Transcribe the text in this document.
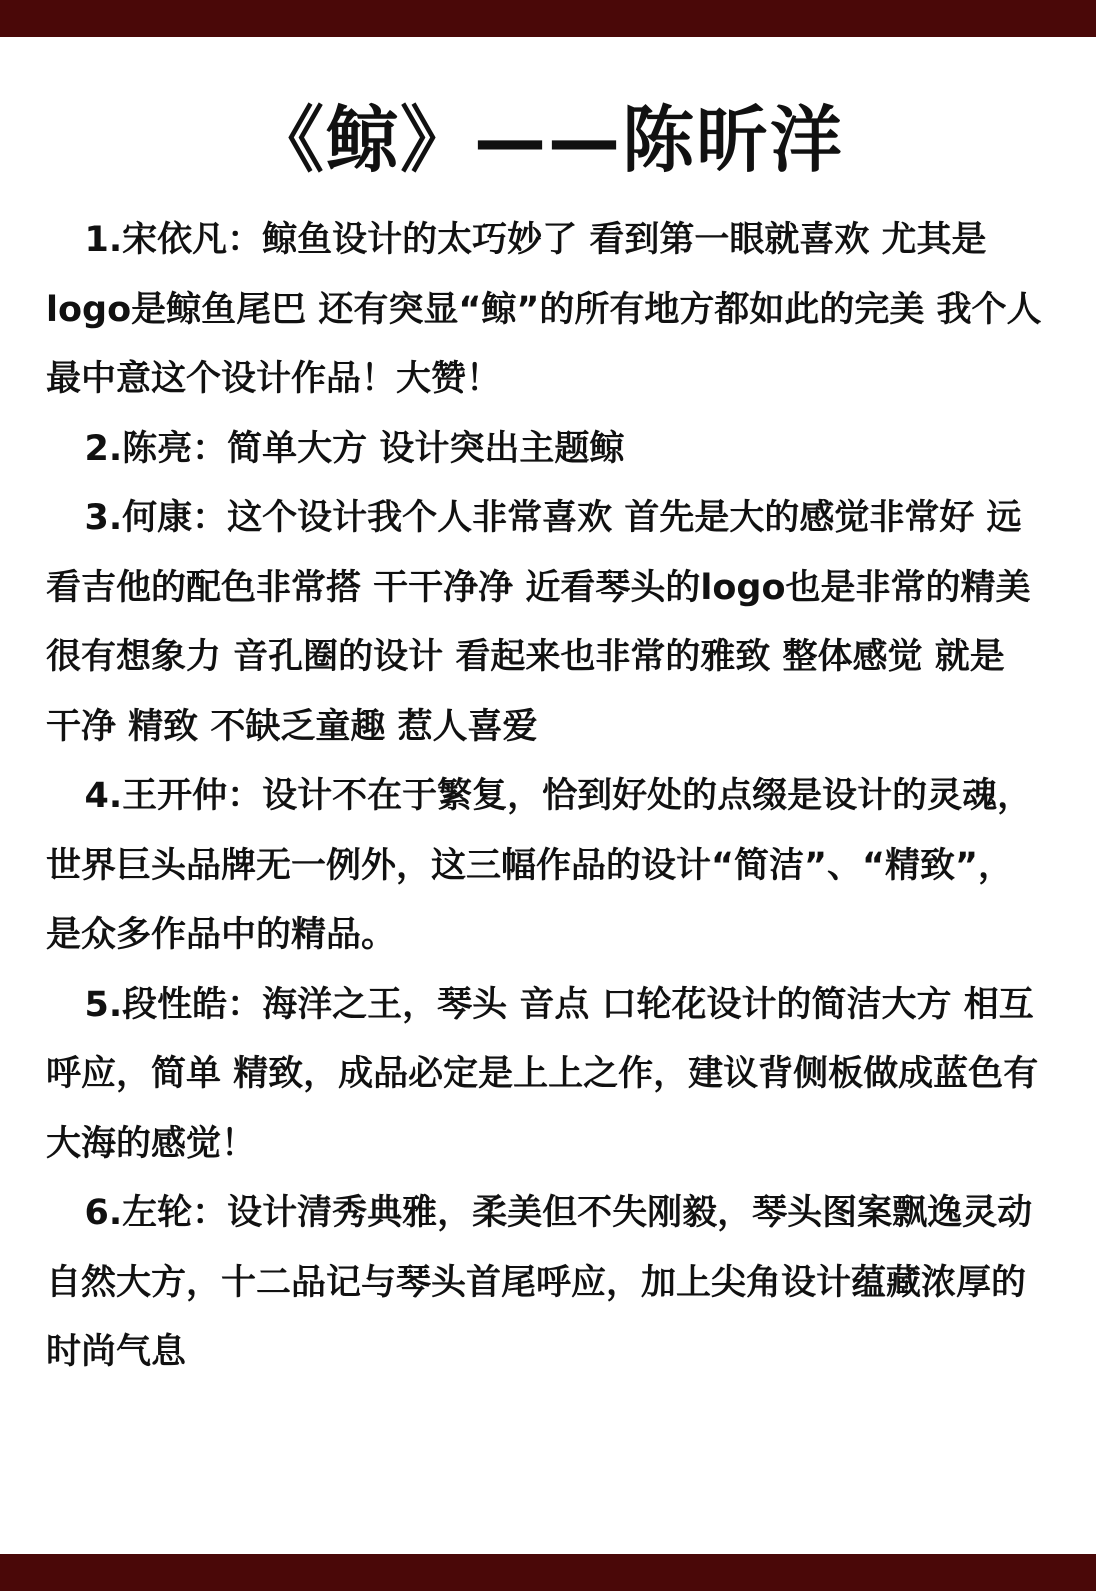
《鲸》——陈昕洋

1.宋依凡：鲸鱼设计的太巧妙了 看到第一眼就喜欢 尤其是logo是鲸鱼尾巴 还有突显“鲸”的所有地方都如此的完美 我个人最中意这个设计作品！大赞！

2.陈亮：简单大方 设计突出主题鲸

3.何康：这个设计我个人非常喜欢 首先是大的感觉非常好 远看吉他的配色非常搭 干干净净 近看琴头的logo也是非常的精美 很有想象力 音孔圈的设计 看起来也非常的雅致 整体感觉 就是 干净 精致 不缺乏童趣 惹人喜爱

4.王开仲：设计不在于繁复，恰到好处的点缀是设计的灵魂，世界巨头品牌无一例外，这三幅作品的设计“简洁”、“精致”，是众多作品中的精品。

5.段性皓：海洋之王，琴头 音点 口轮花设计的简洁大方 相互呼应，简单 精致，成品必定是上上之作，建议背侧板做成蓝色有大海的感觉！

6.左轮：设计清秀典雅，柔美但不失刚毅，琴头图案飘逸灵动 自然大方，十二品记与琴头首尾呼应，加上尖角设计蕴藏浓厚的时尚气息
